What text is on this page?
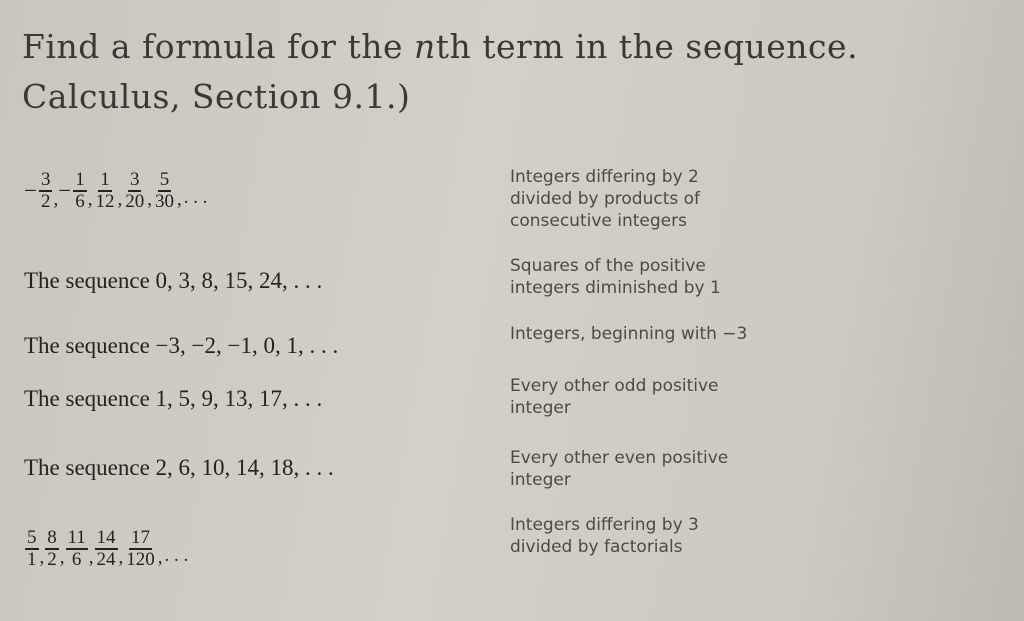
Find a formula for the nth term in the sequence.
Calculus, Section 9.1.)
− $\frac{3}{2}$ , − $\frac{1}{6}$ , $\frac{1}{12}$ , $\frac{3}{20}$ , $\frac{5}{30}$ , . . .
The sequence 0, 3, 8, 15, 24, . . .
The sequence −3, −2, −1, 0, 1, . . .
The sequence 1, 5, 9, 13, 17, . . .
The sequence 2, 6, 10, 14, 18, . . .
$\frac{5}{1}$ , $\frac{8}{2}$ , $\frac{11}{6}$ , $\frac{14}{24}$ , $\frac{17}{120}$ , . . .
Integers differing by 2
divided by products of
consecutive integers
Squares of the positive
integers diminished by 1
Integers, beginning with −3
Every other odd positive
integer
Every other even positive
integer
Integers differing by 3
divided by factorials
